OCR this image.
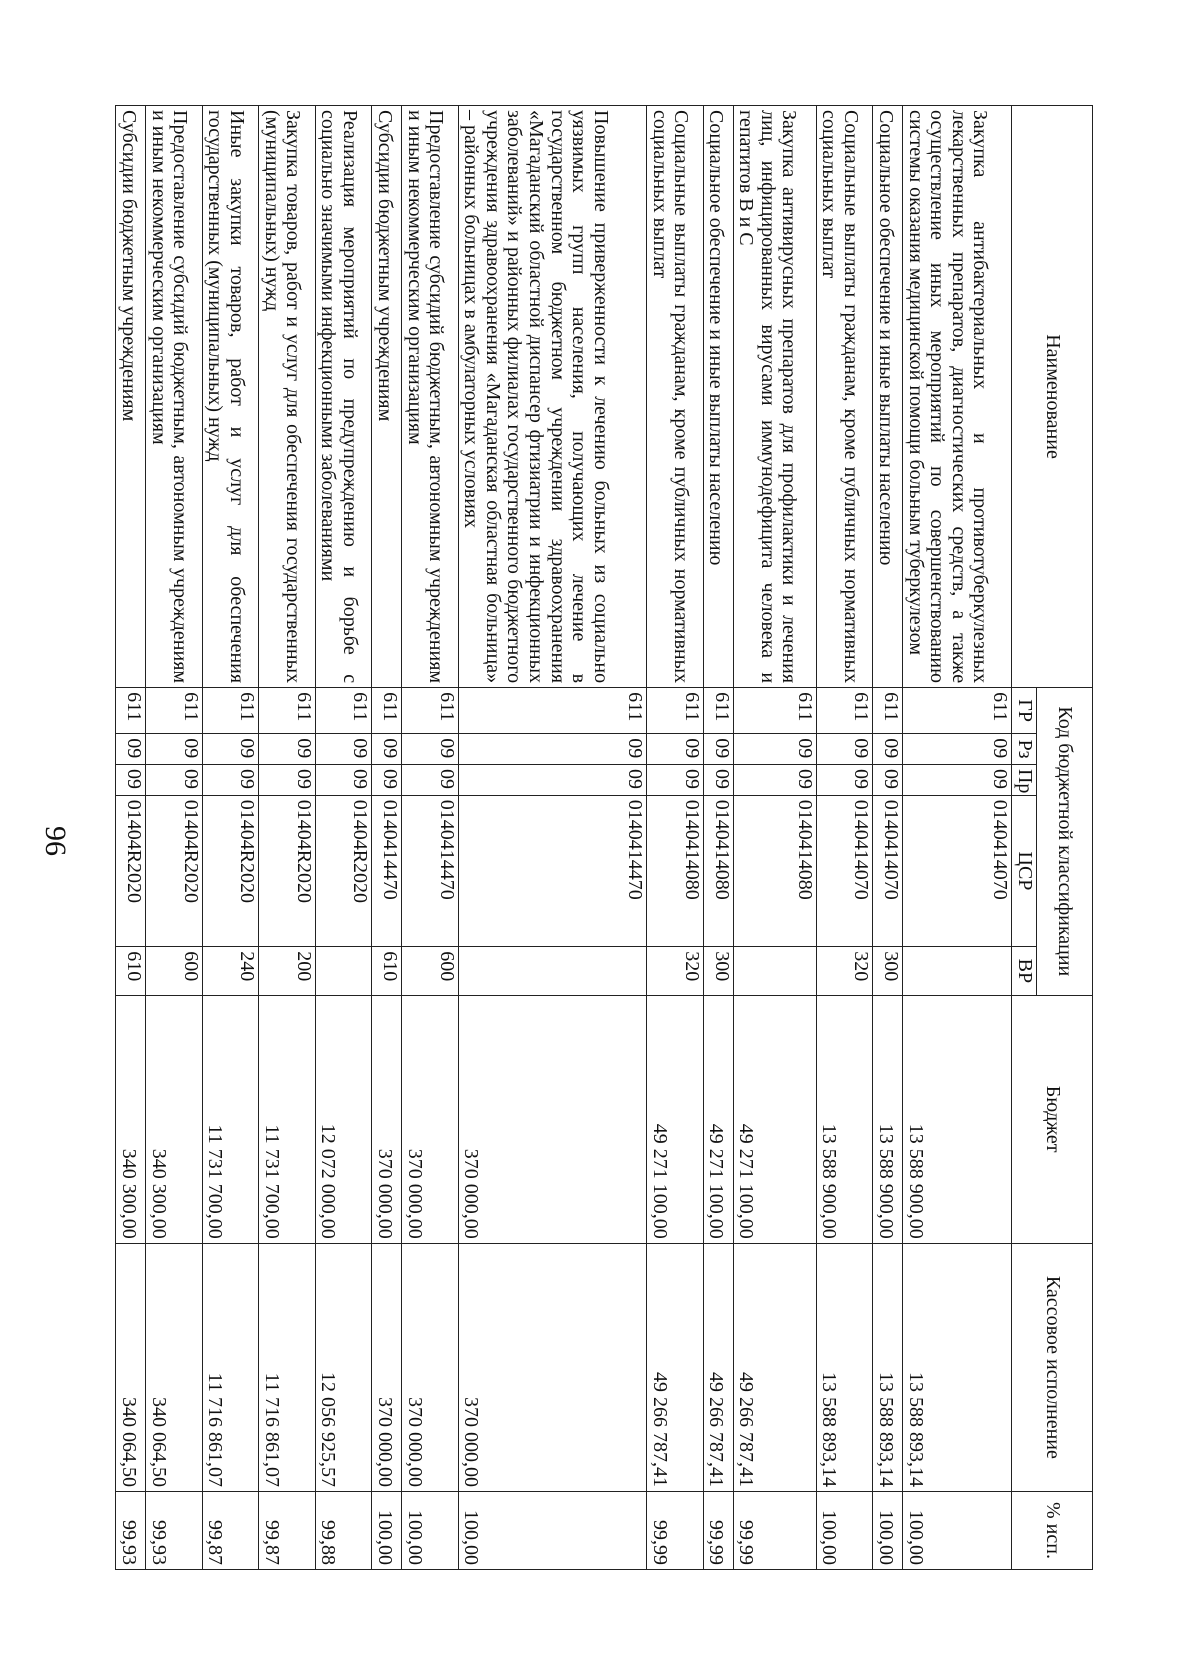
96
Наименование	Код бюджетной классификации					Бюджет	Кассовое исполнение	% исп.
	ГР	Рз	Пр	ЦСР	ВР			
Закупка антибактериальных и противотуберкулезных лекарственных препаратов, диагностических средств, а также осуществление иных мероприятий по совершенствованию системы оказания медицинской помощи больным туберкулезом	611	09	09	0140414070		13 588 900,00	13 588 893,14	100,00
Социальное обеспечение и иные выплаты населению	611	09	09	0140414070	300	13 588 900,00	13 588 893,14	100,00
Социальные выплаты гражданам, кроме публичных нормативных социальных выплат	611	09	09	0140414070	320	13 588 900,00	13 588 893,14	100,00
Закупка антивирусных препаратов для профилактики и лечения лиц, инфицированных вирусами иммунодефицита человека и гепатитов В и С	611	09	09	0140414080		49 271 100,00	49 266 787,41	99,99
Социальное обеспечение и иные выплаты населению	611	09	09	0140414080	300	49 271 100,00	49 266 787,41	99,99
Социальные выплаты гражданам, кроме публичных нормативных социальных выплат	611	09	09	0140414080	320	49 271 100,00	49 266 787,41	99,99
Повышение приверженности к лечению больных из социально уязвимых групп населения, получающих лечение в государственном бюджетном учреждении здравоохранения «Магаданский областной диспансер фтизиатрии и инфекционных заболеваний» и районных филиалах государственного бюджетного учреждения здравоохранения «Магаданская областная больница» – районных больницах в амбулаторных условиях	611	09	09	0140414470		370 000,00	370 000,00	100,00
Предоставление субсидий бюджетным, автономным учреждениям и иным некоммерческим организациям	611	09	09	0140414470	600	370 000,00	370 000,00	100,00
Субсидии бюджетным учреждениям	611	09	09	0140414470	610	370 000,00	370 000,00	100,00
Реализация мероприятий по предупреждению и борьбе с социально значимыми инфекционными заболеваниями	611	09	09	01404R2020		12 072 000,00	12 056 925,57	99,88
Закупка товаров, работ и услуг для обеспечения государственных (муниципальных) нужд	611	09	09	01404R2020	200	11 731 700,00	11 716 861,07	99,87
Иные закупки товаров, работ и услуг для обеспечения государственных (муниципальных) нужд	611	09	09	01404R2020	240	11 731 700,00	11 716 861,07	99,87
Предоставление субсидий бюджетным, автономным учреждениям и иным некоммерческим организациям	611	09	09	01404R2020	600	340 300,00	340 064,50	99,93
Субсидии бюджетным учреждениям	611	09	09	01404R2020	610	340 300,00	340 064,50	99,93
